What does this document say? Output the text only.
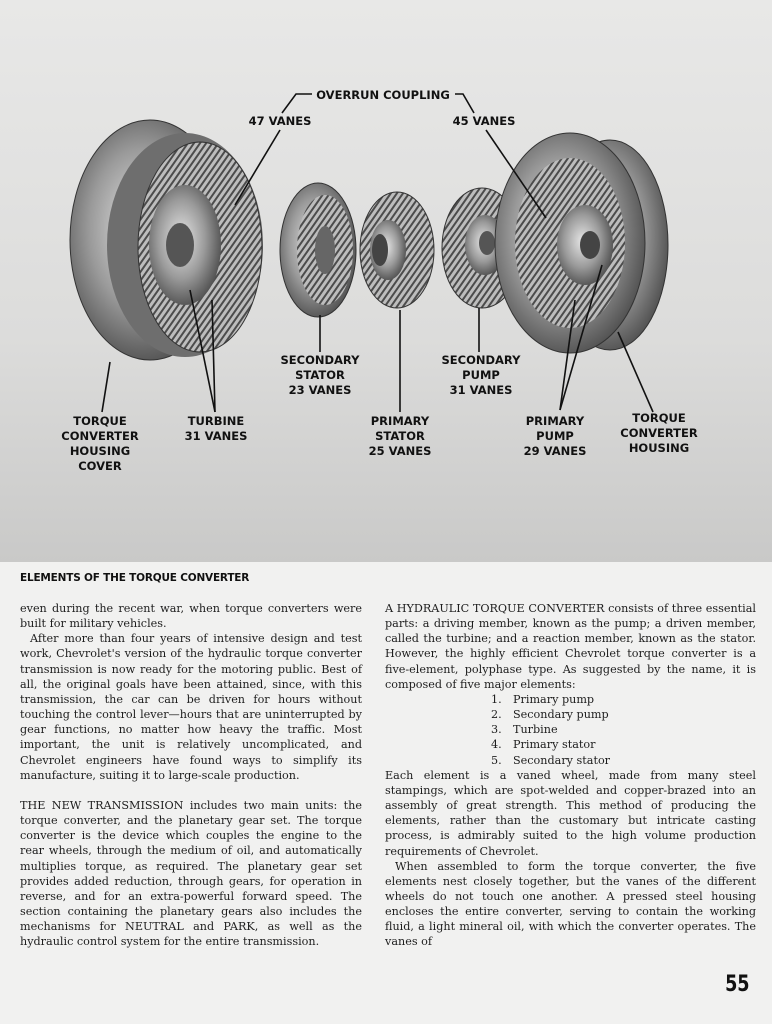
OVERRUN COUPLING
47 VANES	45 VANES
SECONDARY
STATOR
23 VANES
SECONDARY
PUMP
31 VANES
TORQUE
CONVERTER
HOUSING
COVER
TURBINE
31 VANES
PRIMARY
STATOR
25 VANES
PRIMARY
PUMP
29 VANES
TORQUE
CONVERTER
HOUSING
ELEMENTS OF THE TORQUE CONVERTER

even during the recent war, when torque converters were built for military vehicles.

After more than four years of intensive design and test work, Chevrolet's version of the hydraulic torque converter transmission is now ready for the motoring public. Best of all, the original goals have been attained, since, with this transmission, the car can be driven for hours without touching the control lever—hours that are uninterrupted by gear functions, no matter how heavy the traffic. Most important, the unit is relatively uncomplicated, and Chevrolet engineers have found ways to simplify its manufacture, suiting it to large-scale production.

THE NEW TRANSMISSION includes two main units: the torque converter, and the planetary gear set. The torque converter is the device which couples the engine to the rear wheels, through the medium of oil, and automatically multiplies torque, as required. The planetary gear set provides added reduction, through gears, for operation in reverse, and for an extra-powerful forward speed. The section containing the planetary gears also includes the mechanisms for NEUTRAL and PARK, as well as the hydraulic control system for the entire transmission.

A HYDRAULIC TORQUE CONVERTER consists of three essential parts: a driving member, known as the pump; a driven member, called the turbine; and a reaction member, known as the stator. However, the highly efficient Chevrolet torque converter is a five-element, polyphase type. As suggested by the name, it is composed of five major elements:

1. Primary pump
2. Secondary pump
3. Turbine
4. Primary stator
5. Secondary stator

Each element is a vaned wheel, made from many steel stampings, which are spot-welded and copper-brazed into an assembly of great strength. This method of producing the elements, rather than the customary but intricate casting process, is admirably suited to the high volume production requirements of Chevrolet.

When assembled to form the torque converter, the five elements nest closely together, but the vanes of the different wheels do not touch one another. A pressed steel housing encloses the entire converter, serving to contain the working fluid, a light mineral oil, with which the converter operates. The vanes of

55
